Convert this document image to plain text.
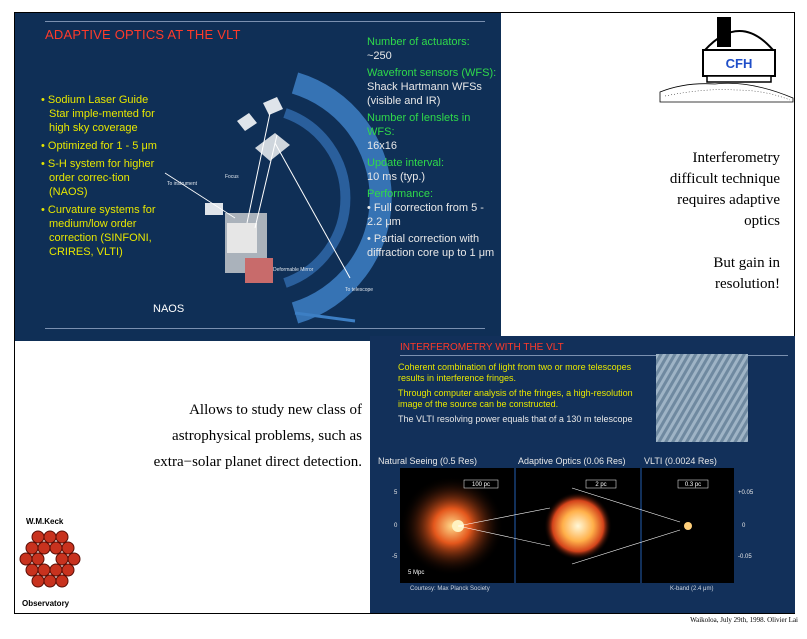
ADAPTIVE OPTICS AT THE VLT
• Sodium Laser Guide Star imple-mented for high sky coverage
• Optimized for 1 - 5 μm
• S-H system for higher order correc-tion (NAOS)
• Curvature systems for medium/low order correction (SINFONI, CRIRES, VLTI)
To instrument
Deformable Mirror
Focus
To telescope
Number of actuators:
~250
Wavefront sensors (WFS):
Shack Hartmann WFSs (visible and IR)
Number of lenslets in WFS:
16x16
Update interval:
10 ms (typ.)
Performance:
• Full correction from 5 - 2.2 μm
• Partial correction with diffraction core up to 1 μm
NAOS
CFH
Interferometry
difficult technique
requires adaptive
optics
But gain in
resolution!
Allows to study new class of
astrophysical problems, such as
extra−solar planet direct detection.
W.M.Keck
Observatory
INTERFEROMETRY WITH THE VLT
Coherent combination of light from two or more telescopes results in interference fringes.
Through computer analysis of the fringes, a high-resolution image of the source can be constructed.
The VLTI resolving power equals that of a 130 m telescope
Natural Seeing (0.5 Res)	Adaptive Optics (0.06 Res) VLTI (0.0024 Res)
100 pc
5 Mpc
2 pc	0.3 pc
5
0
-5
+0.05
0
-0.05
Courtesy: Max Planck Society	K-band (2.4 μm)
Waikoloa, July 29th, 1998. Olivier Lai
